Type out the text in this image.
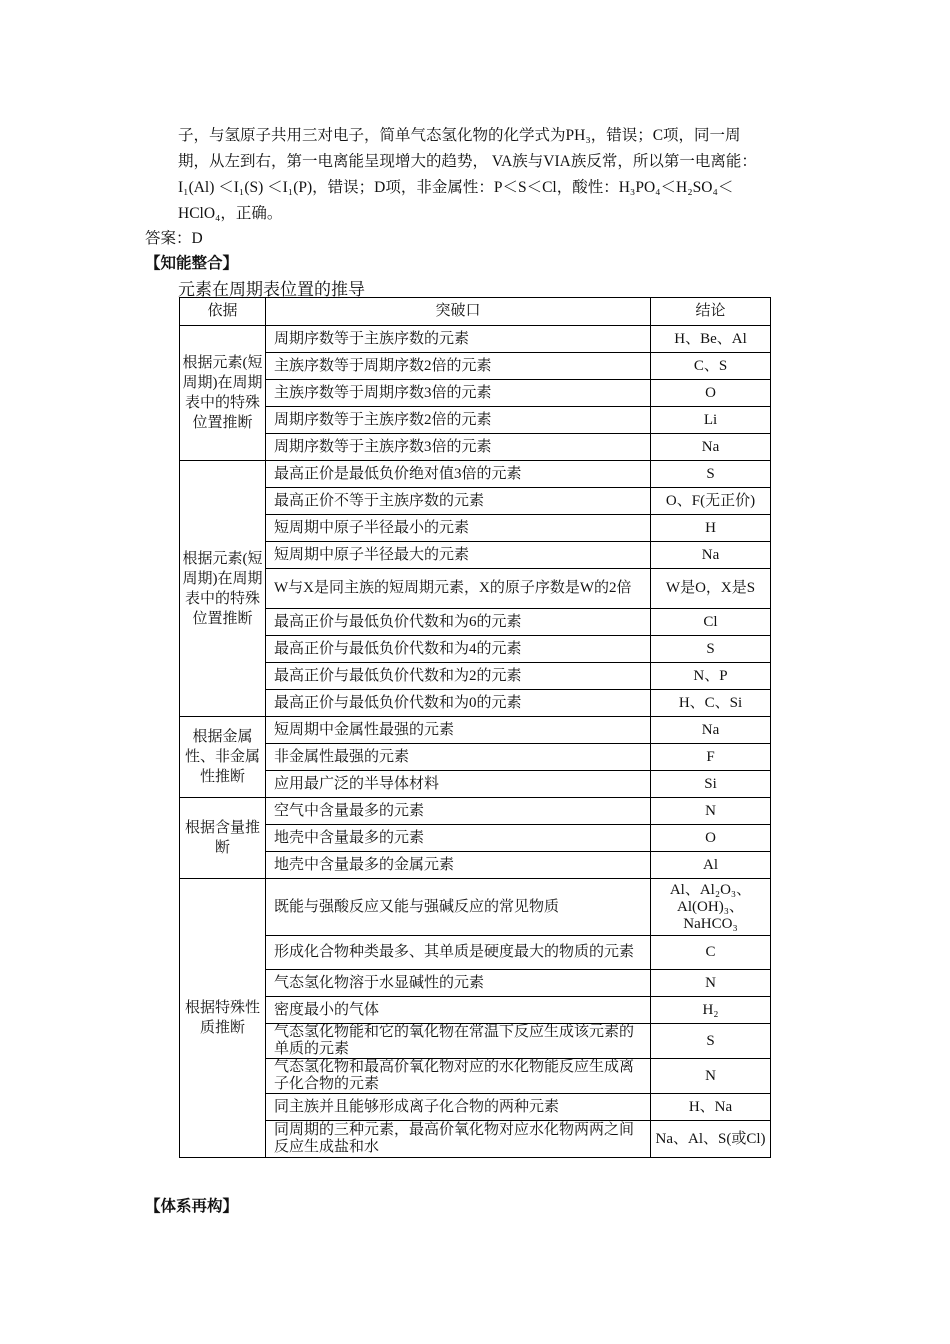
子，与氢原子共用三对电子，简单气态氢化物的化学式为PH₃，错误；C项，同一周
期，从左到右，第一电离能呈现增大的趋势， VA族与VIA族反常，所以第一电离能：
I₁(Al) ＜I₁(S) ＜I₁(P)，错误；D项，非金属性：P＜S＜Cl，酸性：H₃PO₄＜H₂SO₄＜
HClO₄，正确。
答案：D
【知能整合】
元素在周期表位置的推导
依据	突破口	结论
根据元素(短周期)在周期表中的特殊位置推断	周期序数等于主族序数的元素	H、Be、Al
	主族序数等于周期序数2倍的元素	C、S
	主族序数等于周期序数3倍的元素	O
	周期序数等于主族序数2倍的元素	Li
	周期序数等于主族序数3倍的元素	Na
根据元素(短周期)在周期表中的特殊位置推断	最高正价是最低负价绝对值3倍的元素	S
	最高正价不等于主族序数的元素	O、F(无正价)
	短周期中原子半径最小的元素	H
	短周期中原子半径最大的元素	Na
	W与X是同主族的短周期元素，X的原子序数是W的2倍	W是O，X是S
	最高正价与最低负价代数和为6的元素	Cl
	最高正价与最低负价代数和为4的元素	S
	最高正价与最低负价代数和为2的元素	N、P
	最高正价与最低负价代数和为0的元素	H、C、Si
根据金属性、非金属性推断	短周期中金属性最强的元素	Na
	非金属性最强的元素	F
	应用最广泛的半导体材料	Si
根据含量推断	空气中含量最多的元素	N
	地壳中含量最多的元素	O
	地壳中含量最多的金属元素	Al
根据特殊性质推断	既能与强酸反应又能与强碱反应的常见物质	Al、Al₂O₃、Al(OH)₃、NaHCO₃
	形成化合物种类最多、其单质是硬度最大的物质的元素	C
	气态氢化物溶于水显碱性的元素	N
	密度最小的气体	H₂
	气态氢化物能和它的氧化物在常温下反应生成该元素的单质的元素	S
	气态氢化物和最高价氧化物对应的水化物能反应生成离子化合物的元素	N
	同主族并且能够形成离子化合物的两种元素	H、Na
	同周期的三种元素，最高价氧化物对应水化物两两之间反应生成盐和水	Na、Al、S(或Cl)
【体系再构】
